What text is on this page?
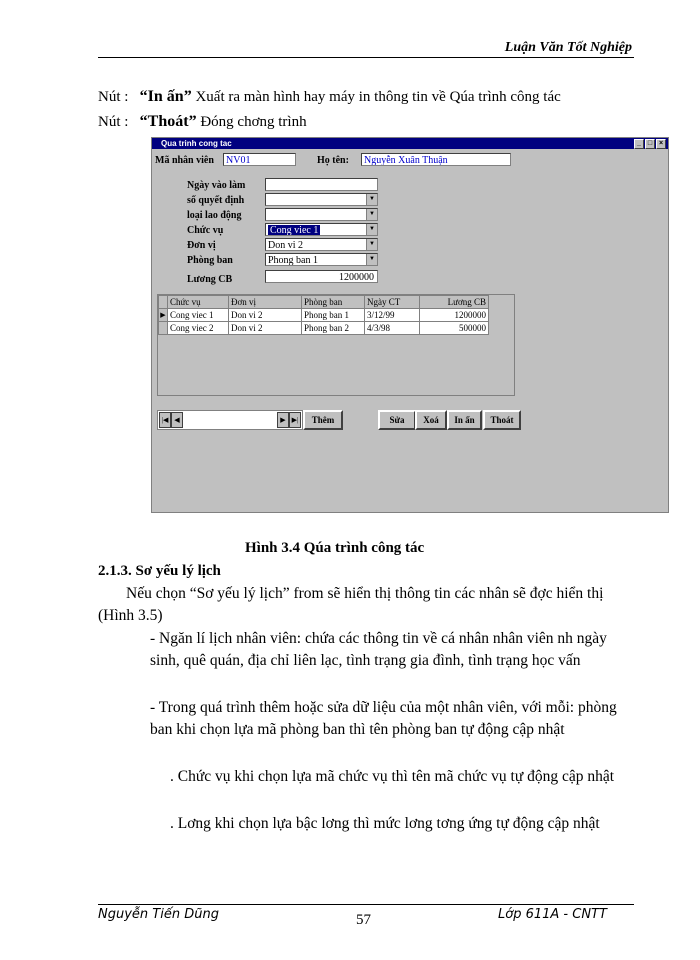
Luận Văn Tốt Nghiệp
Nút : “In ấn” Xuất ra màn hình hay máy in thông tin về Qúa trình công tác
Nút : “Thoát” Đóng chơng trình
Qua trinh cong tac	_ □ ×
Mã nhân viên	NV01	Họ tên:	Nguyễn Xuân Thuận
Ngày vào làm
số quyết định	▼
loại lao động	▼
Chức vụ	Cong viec 1	▼
Đơn vị	Don vi 2	▼
Phòng ban	Phong ban 1	▼
Lương CB	1200000
	Chức vụ	Đơn vị	Phòng ban	Ngày CT	Lương CB
▶	Cong viec 1	Don vi 2	Phong ban 1	3/12/99	1200000
	Cong viec 2	Don vi 2	Phong ban 2	4/3/98	500000
|◀ ◀	▶ ▶|	Thêm	Sửa	Xoá	In ấn	Thoát
Hình 3.4 Qúa trình công tác
2.1.3. Sơ yếu lý lịch
Nếu chọn “Sơ yếu lý lịch” from sẽ hiển thị thông tin các nhân sẽ đợc hiển thị (Hình 3.5)
- Ngăn lí lịch nhân viên: chứa các thông tin về cá nhân nhân viên nh ngày sinh, quê quán, địa chỉ liên lạc, tình trạng gia đình, tình trạng học vấn
- Trong quá trình thêm hoặc sửa dữ liệu của một nhân viên, với mỗi: phòng ban khi chọn lựa mã phòng ban thì tên phòng ban tự động cập nhật
. Chức vụ khi chọn lựa mã chức vụ thì tên mã chức vụ tự động cập nhật
. Lơng khi chọn lựa bậc lơng thì mức lơng tơng ứng tự động cập nhật
Nguyễn Tiến Dũng	57	Lớp 611A - CNTT
